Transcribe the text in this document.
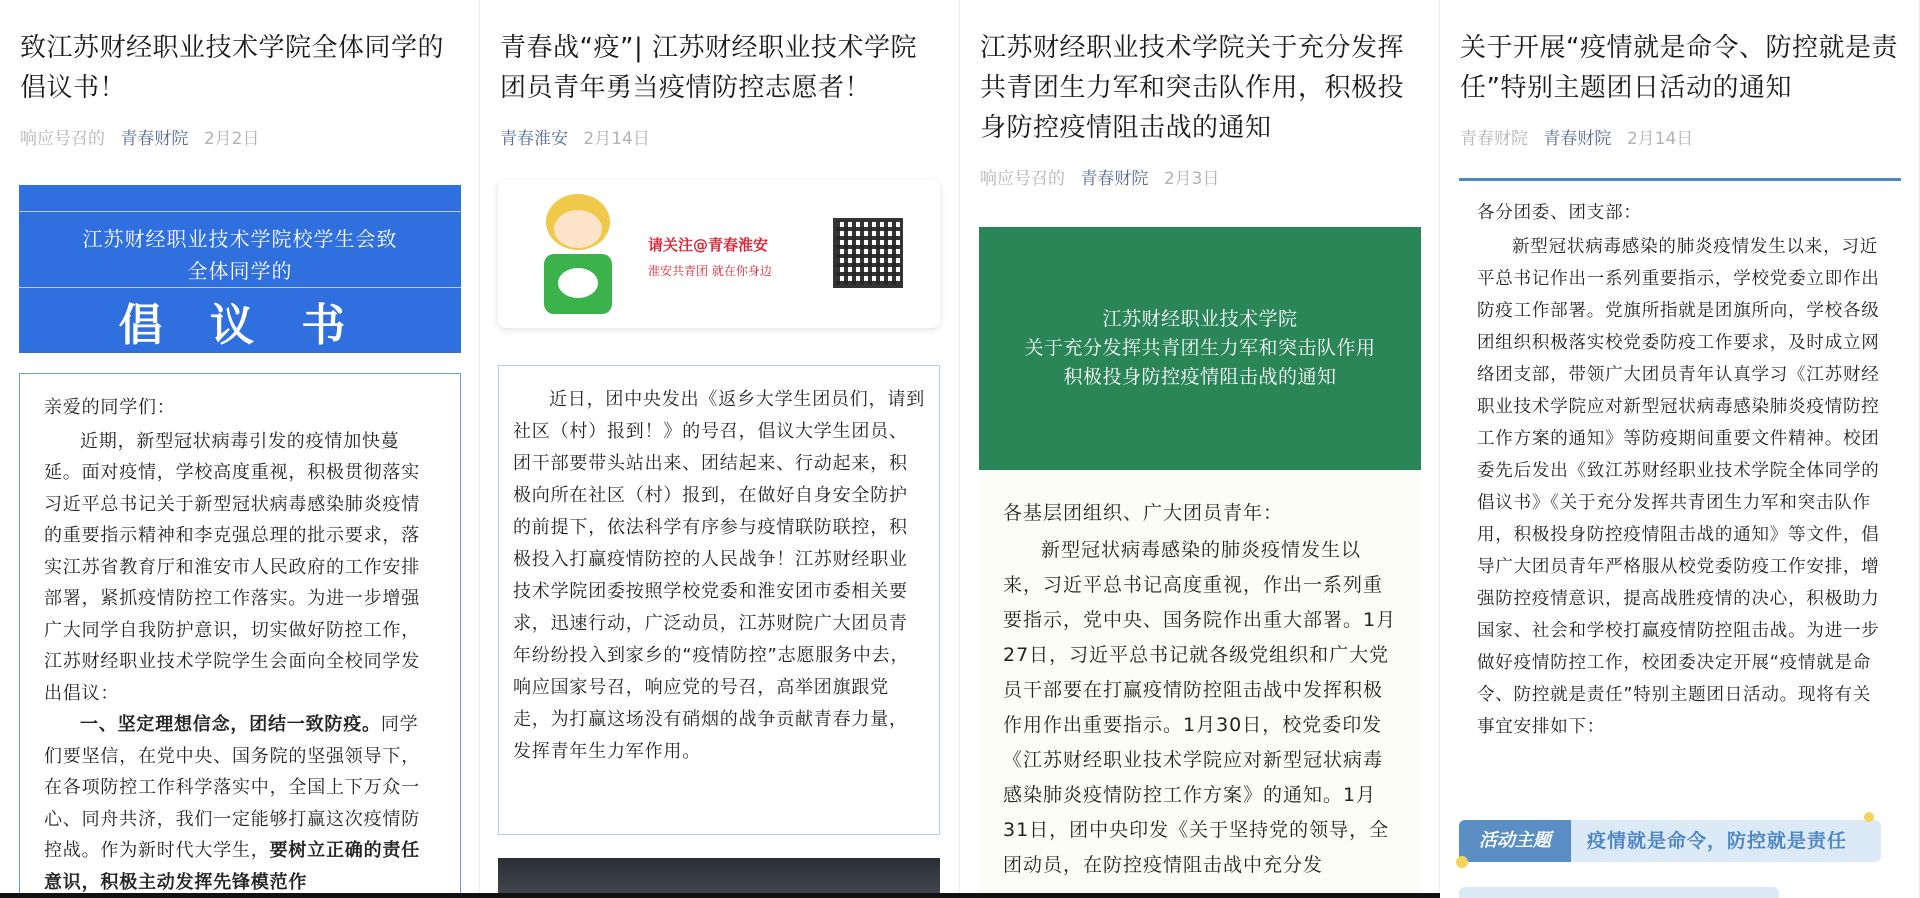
致江苏财经职业技术学院全体同学的倡议书！
响应号召的 青春财院 2月2日
江苏财经职业技术学院校学生会致
全体同学的
倡 议 书

亲爱的同学们：

近期，新型冠状病毒引发的疫情加快蔓延。面对疫情，学校高度重视，积极贯彻落实习近平总书记关于新型冠状病毒感染肺炎疫情的重要指示精神和李克强总理的批示要求，落实江苏省教育厅和淮安市人民政府的工作安排部署，紧抓疫情防控工作落实。为进一步增强广大同学自我防护意识，切实做好防控工作，江苏财经职业技术学院学生会面向全校同学发出倡议：

一、坚定理想信念，团结一致防疫。同学们要坚信，在党中央、国务院的坚强领导下，在各项防控工作科学落实中，全国上下万众一心、同舟共济，我们一定能够打赢这次疫情防控战。作为新时代大学生，要树立正确的责任意识，积极主动发挥先锋模范作

青春战“疫”| 江苏财经职业技术学院团员青年勇当疫情防控志愿者！
青春淮安 2月14日
请关注@青春淮安
淮安共青团 就在你身边

近日，团中央发出《返乡大学生团员们，请到社区（村）报到！》的号召，倡议大学生团员、团干部要带头站出来、团结起来、行动起来，积极向所在社区（村）报到，在做好自身安全防护的前提下，依法科学有序参与疫情联防联控，积极投入打赢疫情防控的人民战争！江苏财经职业技术学院团委按照学校党委和淮安团市委相关要求，迅速行动，广泛动员，江苏财院广大团员青年纷纷投入到家乡的“疫情防控”志愿服务中去，响应国家号召，响应党的号召，高举团旗跟党走，为打赢这场没有硝烟的战争贡献青春力量，发挥青年生力军作用。

江苏财经职业技术学院关于充分发挥共青团生力军和突击队作用，积极投身防控疫情阻击战的通知
响应号召的 青春财院 2月3日
江苏财经职业技术学院
关于充分发挥共青团生力军和突击队作用
积极投身防控疫情阻击战的通知

各基层团组织、广大团员青年：

新型冠状病毒感染的肺炎疫情发生以来，习近平总书记高度重视，作出一系列重要指示，党中央、国务院作出重大部署。1月27日，习近平总书记就各级党组织和广大党员干部要在打赢疫情防控阻击战中发挥积极作用作出重要指示。1月30日，校党委印发《江苏财经职业技术学院应对新型冠状病毒感染肺炎疫情防控工作方案》的通知。1月31日，团中央印发《关于坚持党的领导，全团动员，在防控疫情阻击战中充分发

关于开展“疫情就是命令、防控就是责任”特别主题团日活动的通知
青春财院 青春财院 2月14日

各分团委、团支部：

新型冠状病毒感染的肺炎疫情发生以来，习近平总书记作出一系列重要指示，学校党委立即作出防疫工作部署。党旗所指就是团旗所向，学校各级团组织积极落实校党委防疫工作要求，及时成立网络团支部，带领广大团员青年认真学习《江苏财经职业技术学院应对新型冠状病毒感染肺炎疫情防控工作方案的通知》等防疫期间重要文件精神。校团委先后发出《致江苏财经职业技术学院全体同学的倡议书》《关于充分发挥共青团生力军和突击队作用，积极投身防控疫情阻击战的通知》等文件，倡导广大团员青年严格服从校党委防疫工作安排，增强防控疫情意识，提高战胜疫情的决心，积极助力国家、社会和学校打赢疫情防控阻击战。为进一步做好疫情防控工作，校团委决定开展“疫情就是命令、防控就是责任”特别主题团日活动。现将有关事宜安排如下：

活动主题	疫情就是命令，防控就是责任
